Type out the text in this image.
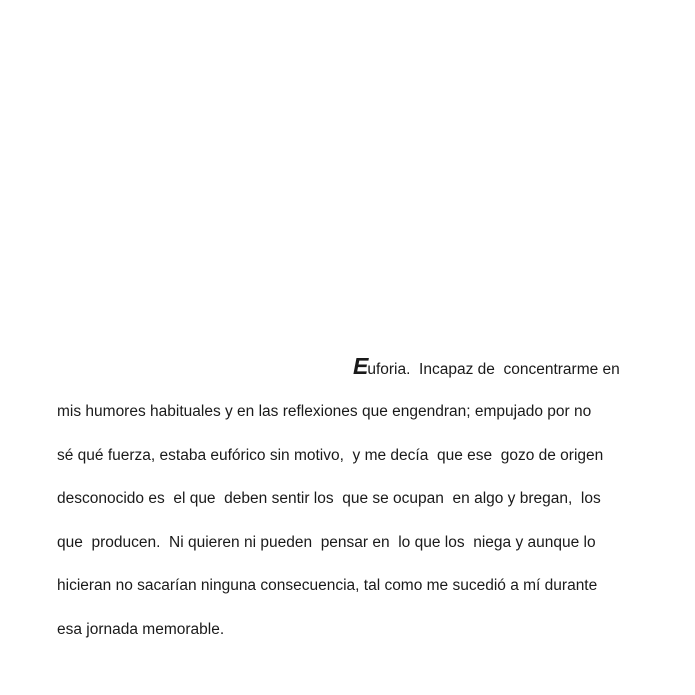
Euforia.  Incapaz de  concentrarme en
mis humores habituales y en las reflexiones que engendran; empujado por no
sé qué fuerza, estaba eufórico sin motivo,  y me decía  que ese  gozo de origen
desconocido es  el que  deben sentir los  que se ocupan  en algo y bregan,  los
que  producen.  Ni quieren ni pueden  pensar en  lo que los  niega y aunque lo
hicieran no sacarían ninguna consecuencia, tal como me sucedió a mí durante
esa jornada memorable.
